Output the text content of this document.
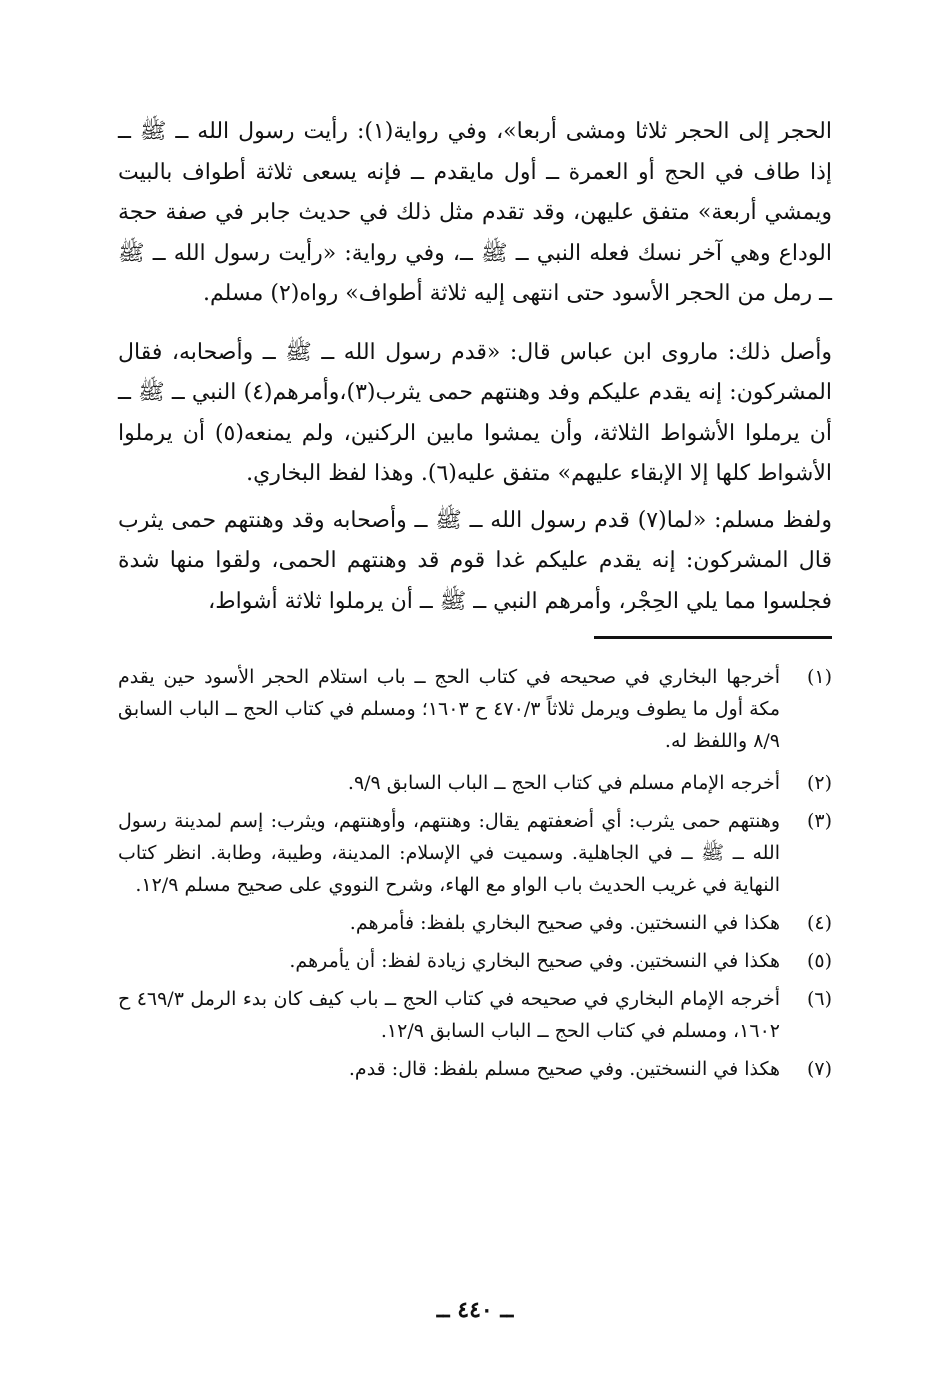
الحجر إلى الحجر ثلاثا ومشى أربعا»، وفي رواية(١): رأيت رسول الله ــ ﷺ ــ إذا طاف في الحج أو العمرة ــ أول مايقدم ــ فإنه يسعى ثلاثة أطواف بالبيت ويمشي أربعة» متفق عليهن، وقد تقدم مثل ذلك في حديث جابر في صفة حجة الوداع وهي آخر نسك فعله النبي ــ ﷺ ــ، وفي رواية: «رأيت رسول الله ــ ﷺ ــ رمل من الحجر الأسود حتى انتهى إليه ثلاثة أطواف» رواه(٢) مسلم.

وأصل ذلك: ماروى ابن عباس قال: «قدم رسول الله ــ ﷺ ــ وأصحابه، فقال المشركون: إنه يقدم عليكم وفد وهنتهم حمى يثرب(٣)،وأمرهم(٤) النبي ــ ﷺ ــ أن يرملوا الأشواط الثلاثة، وأن يمشوا مابين الركنين، ولم يمنعه(٥) أن يرملوا الأشواط كلها إلا الإبقاء عليهم» متفق عليه(٦). وهذا لفظ البخاري.

ولفظ مسلم: «لما(٧) قدم رسول الله ــ ﷺ ــ وأصحابه وقد وهنتهم حمى يثرب قال المشركون: إنه يقدم عليكم غدا قوم قد وهنتهم الحمى، ولقوا منها شدة فجلسوا مما يلي الحِجْر، وأمرهم النبي ــ ﷺ ــ أن يرملوا ثلاثة أشواط،

(١)
أخرجها البخاري في صحيحه في كتاب الحج ــ باب استلام الحجر الأسود حين يقدم مكة أول ما يطوف ويرمل ثلاثاً ٤٧٠/٣ ح ١٦٠٣؛ ومسلم في كتاب الحج ــ الباب السابق ٨/٩ واللفظ له.
(٢)
أخرجه الإمام مسلم في كتاب الحج ــ الباب السابق ٩/٩.
(٣)
وهنتهم حمى يثرب: أي أضعفتهم يقال: وهنتهم، وأوهنتهم، ويثرب: إسم لمدينة رسول الله ــ ﷺ ــ في الجاهلية. وسميت في الإسلام: المدينة، وطيبة، وطابة. انظر كتاب النهاية في غريب الحديث باب الواو مع الهاء، وشرح النووي على صحيح مسلم ١٢/٩.
(٤)
هكذا في النسختين. وفي صحيح البخاري بلفظ: فأمرهم.
(٥)
هكذا في النسختين. وفي صحيح البخاري زيادة لفظ: أن يأمرهم.
(٦)
أخرجه الإمام البخاري في صحيحه في كتاب الحج ــ باب كيف كان بدء الرمل ٤٦٩/٣ ح ١٦٠٢، ومسلم في كتاب الحج ــ الباب السابق ١٢/٩.
(٧)
هكذا في النسختين. وفي صحيح مسلم بلفظ: قال: قدم.
ــ ٤٤٠ ــ
